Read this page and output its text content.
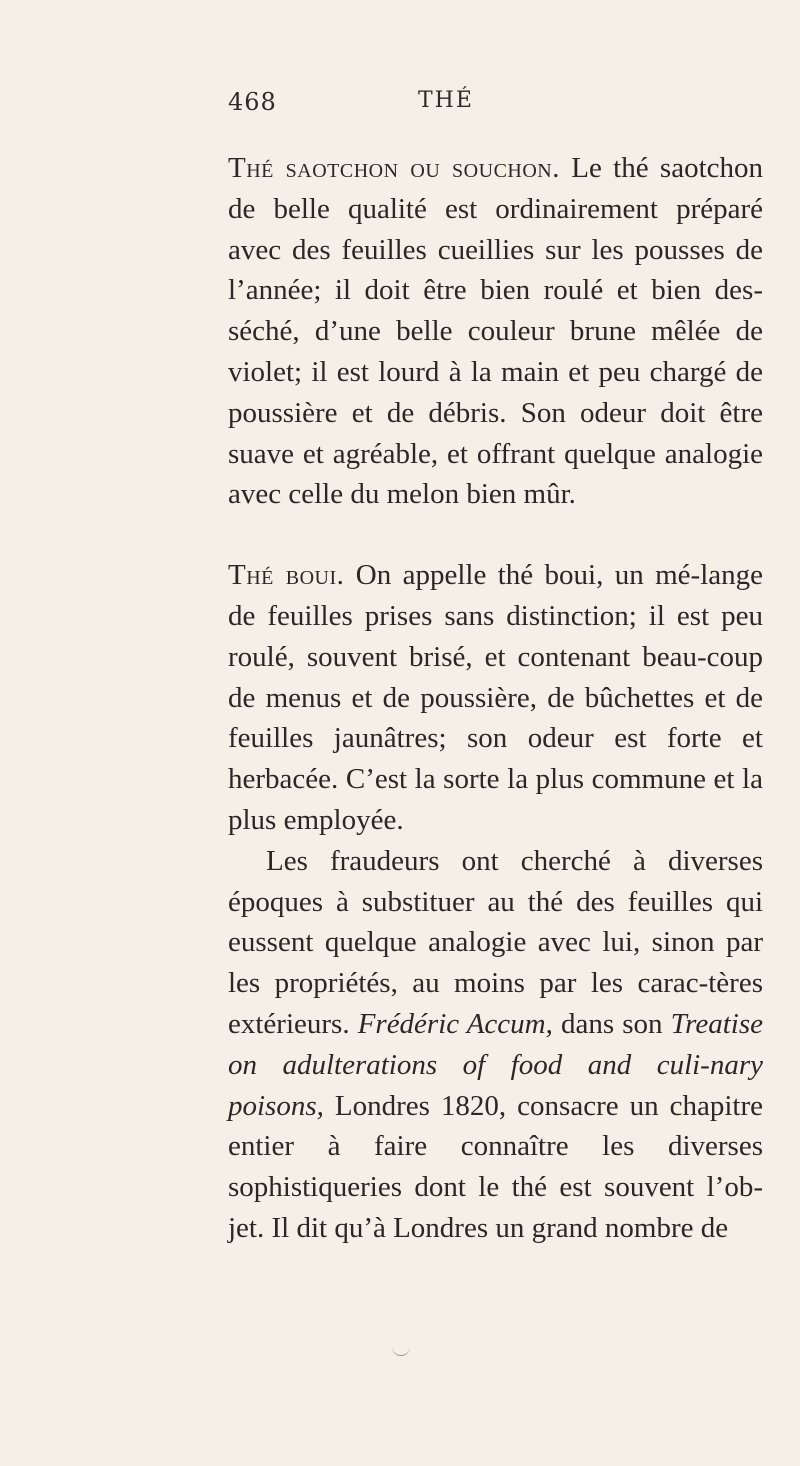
468	THÉ

Thé saotchon ou souchon. Le thé saotchon de belle qualité est ordinairement préparé avec des feuilles cueillies sur les pousses de l’année; il doit être bien roulé et bien des-séché, d’une belle couleur brune mêlée de violet; il est lourd à la main et peu chargé de poussière et de débris. Son odeur doit être suave et agréable, et offrant quelque analogie avec celle du melon bien mûr.

Thé boui. On appelle thé boui, un mé-lange de feuilles prises sans distinction; il est peu roulé, souvent brisé, et contenant beau-coup de menus et de poussière, de bûchettes et de feuilles jaunâtres; son odeur est forte et herbacée. C’est la sorte la plus commune et la plus employée.

Les fraudeurs ont cherché à diverses époques à substituer au thé des feuilles qui eussent quelque analogie avec lui, sinon par les propriétés, au moins par les carac-tères extérieurs. Frédéric Accum, dans son Treatise on adulterations of food and culi-nary poisons, Londres 1820, consacre un chapitre entier à faire connaître les diverses sophistiqueries dont le thé est souvent l’ob-jet. Il dit qu’à Londres un grand nombre de
